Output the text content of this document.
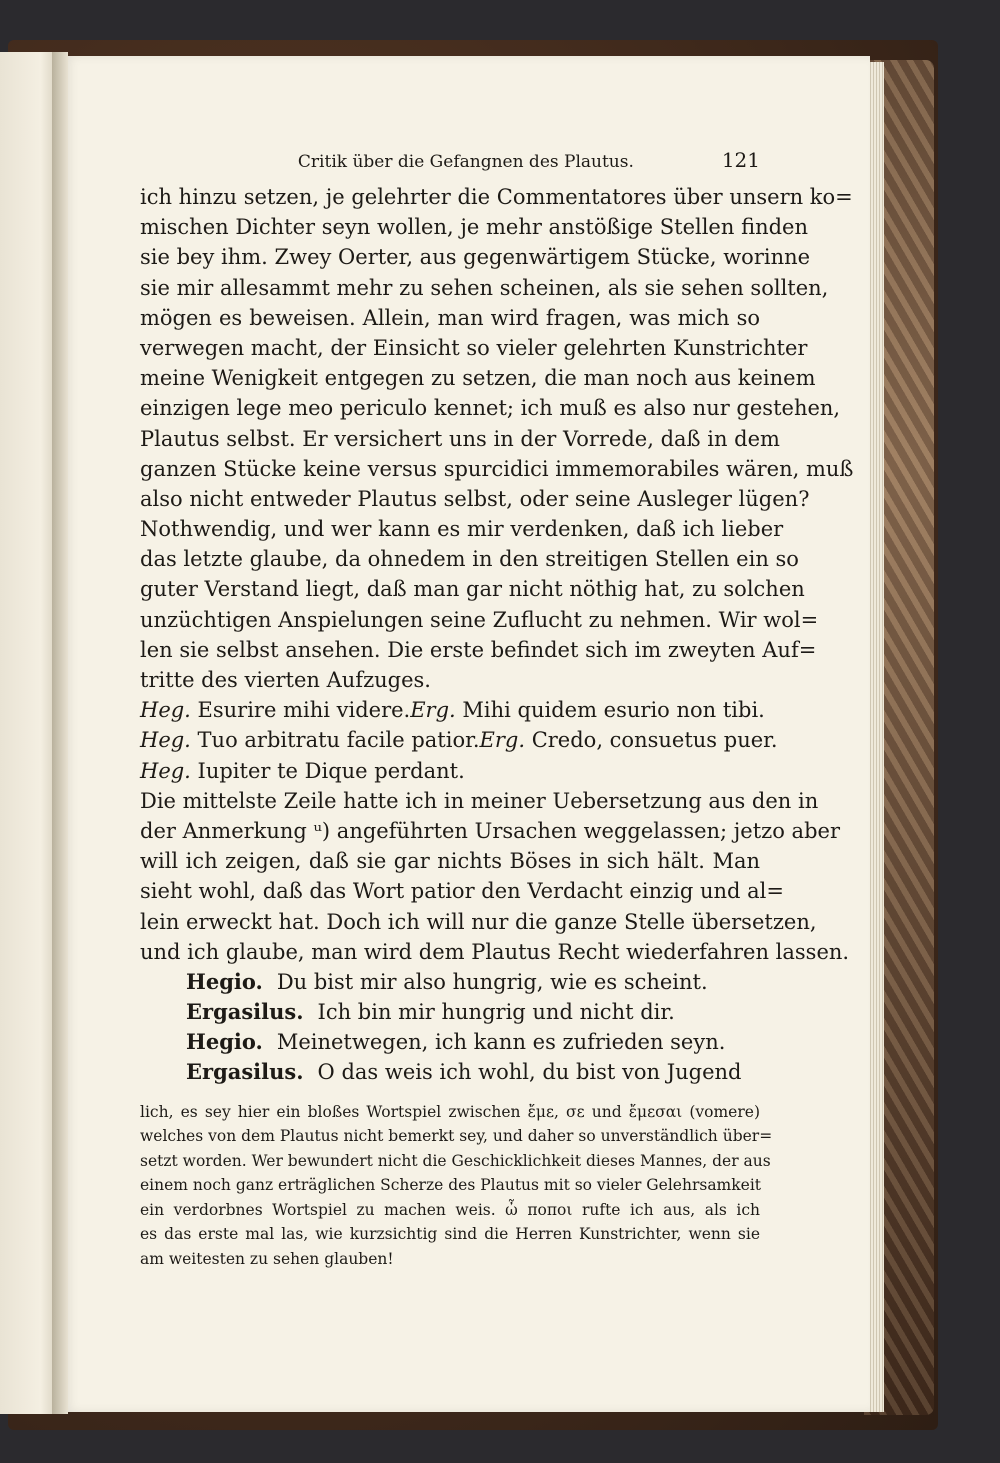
Critik über die Gefangnen des Plautus.	121
ich hinzu setzen, je gelehrter die Commentatores über unsern ko=
mischen Dichter seyn wollen, je mehr anstößige Stellen finden
sie bey ihm. Zwey Oerter, aus gegenwärtigem Stücke, worinne
sie mir allesammt mehr zu sehen scheinen, als sie sehen sollten,
mögen es beweisen. Allein, man wird fragen, was mich so
verwegen macht, der Einsicht so vieler gelehrten Kunstrichter
meine Wenigkeit entgegen zu setzen, die man noch aus keinem
einzigen lege meo periculo kennet; ich muß es also nur gestehen,
Plautus selbst. Er versichert uns in der Vorrede, daß in dem
ganzen Stücke keine versus spurcidici immemorabiles wären, muß
also nicht entweder Plautus selbst, oder seine Ausleger lügen?
Nothwendig, und wer kann es mir verdenken, daß ich lieber
das letzte glaube, da ohnedem in den streitigen Stellen ein so
guter Verstand liegt, daß man gar nicht nöthig hat, zu solchen
unzüchtigen Anspielungen seine Zuflucht zu nehmen. Wir wol=
len sie selbst ansehen. Die erste befindet sich im zweyten Auf=
tritte des vierten Aufzuges.
Heg. Esurire mihi videre. Erg. Mihi quidem esurio non tibi.
Heg. Tuo arbitratu facile patior. Erg. Credo, consuetus puer.
Heg. Iupiter te Dique perdant.
Die mittelste Zeile hatte ich in meiner Uebersetzung aus den in
der Anmerkung ᵘ) angeführten Ursachen weggelassen; jetzo aber
will ich zeigen, daß sie gar nichts Böses in sich hält. Man
sieht wohl, daß das Wort patior den Verdacht einzig und al=
lein erweckt hat. Doch ich will nur die ganze Stelle übersetzen,
und ich glaube, man wird dem Plautus Recht wiederfahren lassen.
Hegio. Du bist mir also hungrig, wie es scheint.
Ergasilus. Ich bin mir hungrig und nicht dir.
Hegio. Meinetwegen, ich kann es zufrieden seyn.
Ergasilus. O das weis ich wohl, du bist von Jugend
lich, es sey hier ein bloßes Wortspiel zwischen ἔμε, σε und ἔμεσαι (vomere)
welches von dem Plautus nicht bemerkt sey, und daher so unverständlich über=
setzt worden. Wer bewundert nicht die Geschicklichkeit dieses Mannes, der aus
einem noch ganz erträglichen Scherze des Plautus mit so vieler Gelehrsamkeit
ein verdorbnes Wortspiel zu machen weis. ὦ ποποι rufte ich aus, als ich
es das erste mal las, wie kurzsichtig sind die Herren Kunstrichter, wenn sie
am weitesten zu sehen glauben!
